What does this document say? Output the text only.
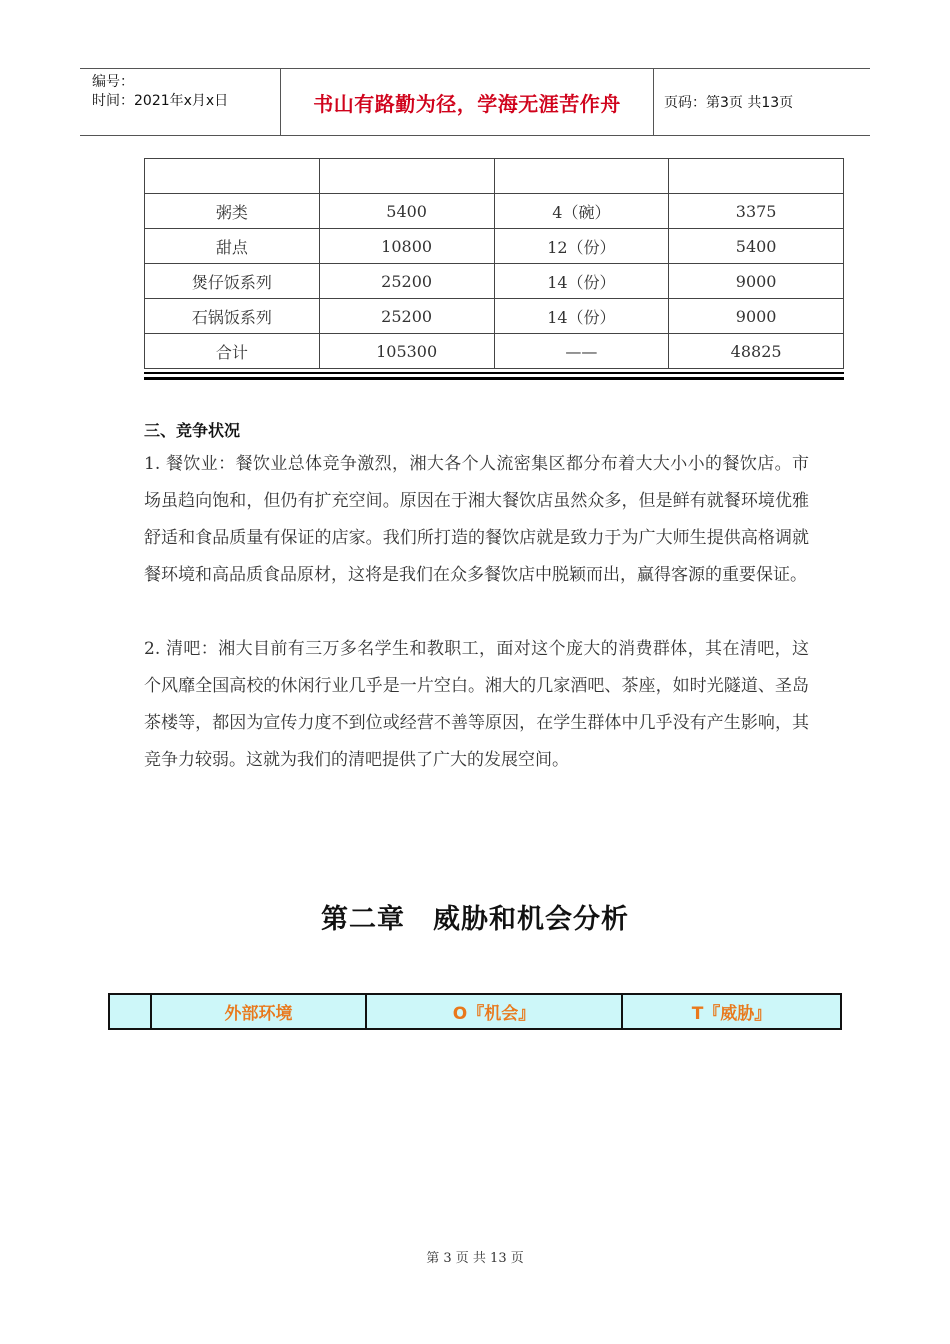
编号：
时间：2021年x月x日	书山有路勤为径，学海无涯苦作舟	页码：第3页 共13页

粥类	5400	4（碗）	3375
甜点	10800	12（份）	5400
煲仔饭系列	25200	14（份）	9000
石锅饭系列	25200	14（份）	9000
合计	105300	——	48825
三、竞争状况
1. 餐饮业：餐饮业总体竞争激烈，湘大各个人流密集区都分布着大大小小的餐饮店。市场虽趋向饱和，但仍有扩充空间。原因在于湘大餐饮店虽然众多，但是鲜有就餐环境优雅舒适和食品质量有保证的店家。我们所打造的餐饮店就是致力于为广大师生提供高格调就餐环境和高品质食品原材，这将是我们在众多餐饮店中脱颖而出，赢得客源的重要保证。
2. 清吧：湘大目前有三万多名学生和教职工，面对这个庞大的消费群体，其在清吧，这个风靡全国高校的休闲行业几乎是一片空白。湘大的几家酒吧、茶座，如时光隧道、圣岛茶楼等，都因为宣传力度不到位或经营不善等原因，在学生群体中几乎没有产生影响，其竞争力较弱。这就为我们的清吧提供了广大的发展空间。
第二章　威胁和机会分析
	外部环境	O『机会』	T『威胁』
第 3 页 共 13 页
